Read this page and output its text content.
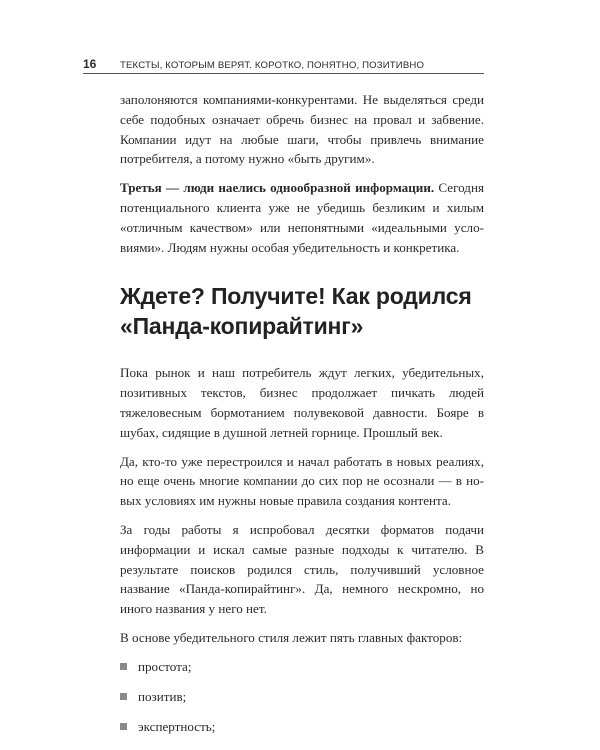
16	ТЕКСТЫ, КОТОРЫМ ВЕРЯТ. КОРОТКО, ПОНЯТНО, ПОЗИТИВНО

заполоняются компаниями-конкурентами. Не выделяться среди себе подобных означает обречь бизнес на провал и забвение. Компании идут на любые шаги, чтобы привлечь внимание потребителя, а потому нужно «быть другим».

Третья — люди наелись однообразной информации. Сегодня потенциального клиента уже не убедишь безликим и хилым «отличным качеством» или непонятными «идеальными условиями». Людям нужны особая убедительность и конкретика.

Ждете? Получите! Как родился «Панда-копирайтинг»

Пока рынок и наш потребитель ждут легких, убедительных, позитивных текстов, бизнес продолжает пичкать людей тяжеловесным бормотанием полувековой давности. Бояре в шубах, сидящие в душной летней горнице. Прошлый век.

Да, кто-то уже перестроился и начал работать в новых реалиях, но еще очень многие компании до сих пор не осознали — в новых условиях им нужны новые правила создания контента.

За годы работы я испробовал десятки форматов подачи информации и искал самые разные подходы к читателю. В результате поисков родился стиль, получивший условное название «Панда-копирайтинг». Да, немного нескромно, но иного названия у него нет.

В основе убедительного стиля лежит пять главных факторов:

простота;
позитив;
экспертность;
